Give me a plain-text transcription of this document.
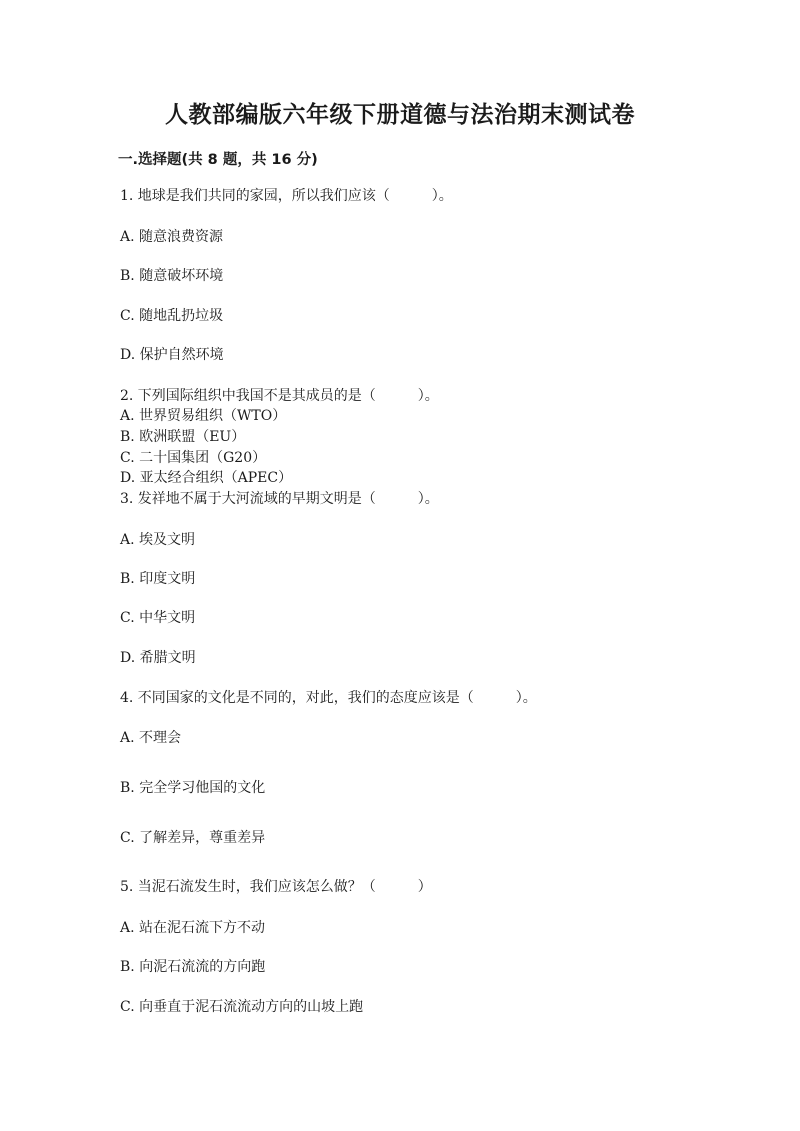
人教部编版六年级下册道德与法治期末测试卷
一.选择题(共 8 题，共 16 分)
1. 地球是我们共同的家园，所以我们应该（　　　）。
A. 随意浪费资源
B. 随意破坏环境
C. 随地乱扔垃圾
D. 保护自然环境
2. 下列国际组织中我国不是其成员的是（　　　）。
A. 世界贸易组织（WTO）
B. 欧洲联盟（EU）
C. 二十国集团（G20）
D. 亚太经合组织（APEC）
3. 发祥地不属于大河流域的早期文明是（　　　）。
A. 埃及文明
B. 印度文明
C. 中华文明
D. 希腊文明
4. 不同国家的文化是不同的，对此，我们的态度应该是（　　　）。
A. 不理会
B. 完全学习他国的文化
C. 了解差异，尊重差异
5. 当泥石流发生时，我们应该怎么做？（　　　）
A. 站在泥石流下方不动
B. 向泥石流流的方向跑
C. 向垂直于泥石流流动方向的山坡上跑
